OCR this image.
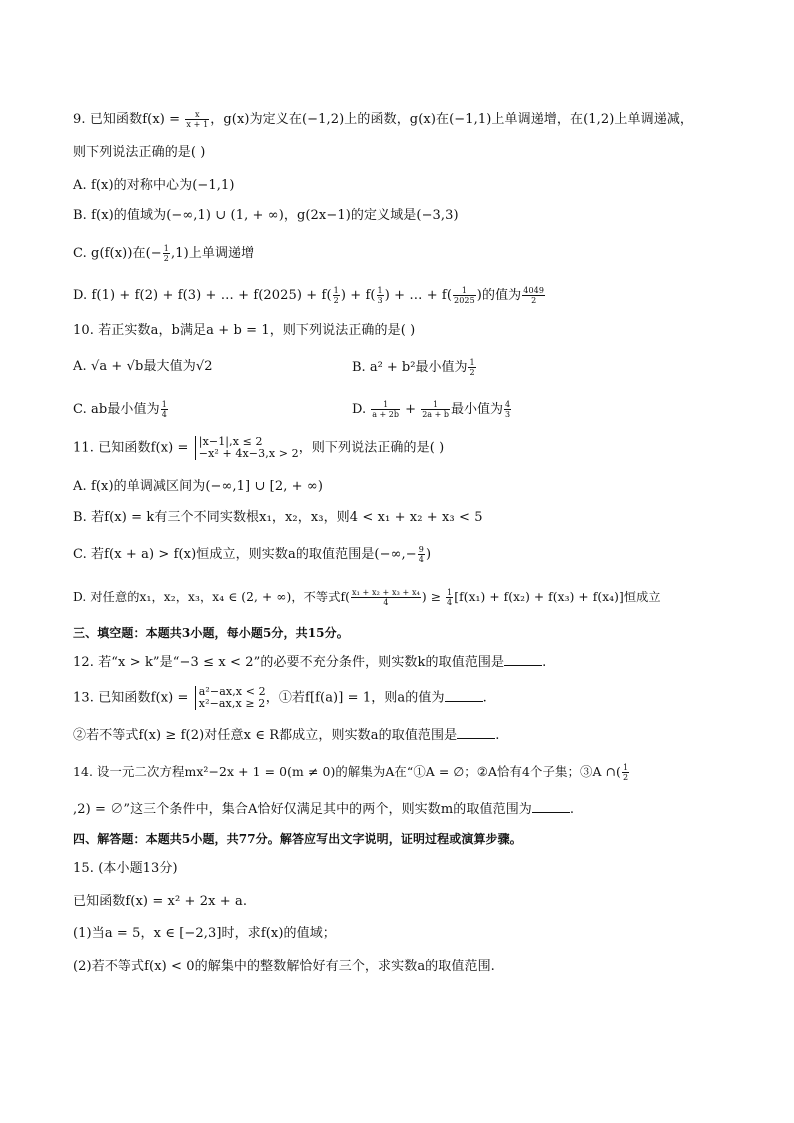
9. 已知函数$f(x) = \frac{x}{x + 1}$ ，g(x)为定义在(−1,2)上的函数，g(x)在(−1,1)上单调递增，在(1,2)上单调递减，
则下列说法正确的是( )
A. f(x)的对称中心为(−1,1)
B. f(x)的值域为(−∞,1) ∪ (1, + ∞)，g(2x−1)的定义域是(−3,3)
C. g(f(x))在(− $\frac{1}{2} ,1$)上单调递增
D. f(1) + f(2) + f(3) + … + $f(2025) + f( \frac{1}{2}$ ) + $f( \frac{1}{3}$ ) + … + $f( \frac{1}{2025}$ )的值为 $\frac{4049}{2}$
10. 若正实数a，b满足a + b = 1，则下列说法正确的是( )
A. √a + √b最大值为√2	B. a² + b²最小值为 $\frac{1}{2}$
C. ab最小值为 $\frac{1}{4}$	D. $\frac{1}{a + 2b} + \frac{1}{2a + b}$ 最小值为 $\frac{4}{3}$
11. 已知函数f(x) = |x−1|,x ≤ 2
−x² + 4x−3,x > 2 ，则下列说法正确的是( )
A. f(x)的单调减区间为(−∞,1] ∪ [2, + ∞)
B. 若f(x) = k有三个不同实数根x₁，x₂，x₃，则4 < x₁ + x₂ + x₃ < 5
C. 若f(x + a) > f(x)恒成立，则实数a的取值范围是(−∞,− $\frac{9}{4}$ )
D. 对任意的x₁，x₂，x₃，x₄ ∈ (2, + ∞)，不等式$f( \frac{\text{x₁ + x₂ + x₃ + x₄}}{4}$ ) ≥ $\frac{1}{4} [f(x_1) + f(x_2) + f(x_3) + f(x_4)]$恒成立
三、填空题：本题共3小题，每小题5分，共15分。
12. 若“x > k”是“−3 ≤ x < 2”的必要不充分条件，则实数k的取值范围是	.
13. 已知函数f(x) = a²−ax,x < 2
x²−ax,x ≥ 2 ，①若f[f(a)] = 1，则a的值为	.
②若不等式f(x) ≥ f(2)对任意x ∈ R都成立，则实数a的取值范围是	.
14. 设一元二次方程mx²−2x + 1 = 0(m ≠ 0)的解集为A在“①A = ∅；②A恰有4个子集；③A ∩( $\frac{1}{2}$
,2) = ∅”这三个条件中，集合A恰好仅满足其中的两个，则实数m的取值范围为	.
四、解答题：本题共5小题，共77分。解答应写出文字说明，证明过程或演算步骤。
15. (本小题13分)
已知函数f(x) = x² + 2x + a.
(1)当a = 5，x ∈ [−2,3]时，求f(x)的值域；
(2)若不等式f(x) < 0的解集中的整数解恰好有三个，求实数a的取值范围.
